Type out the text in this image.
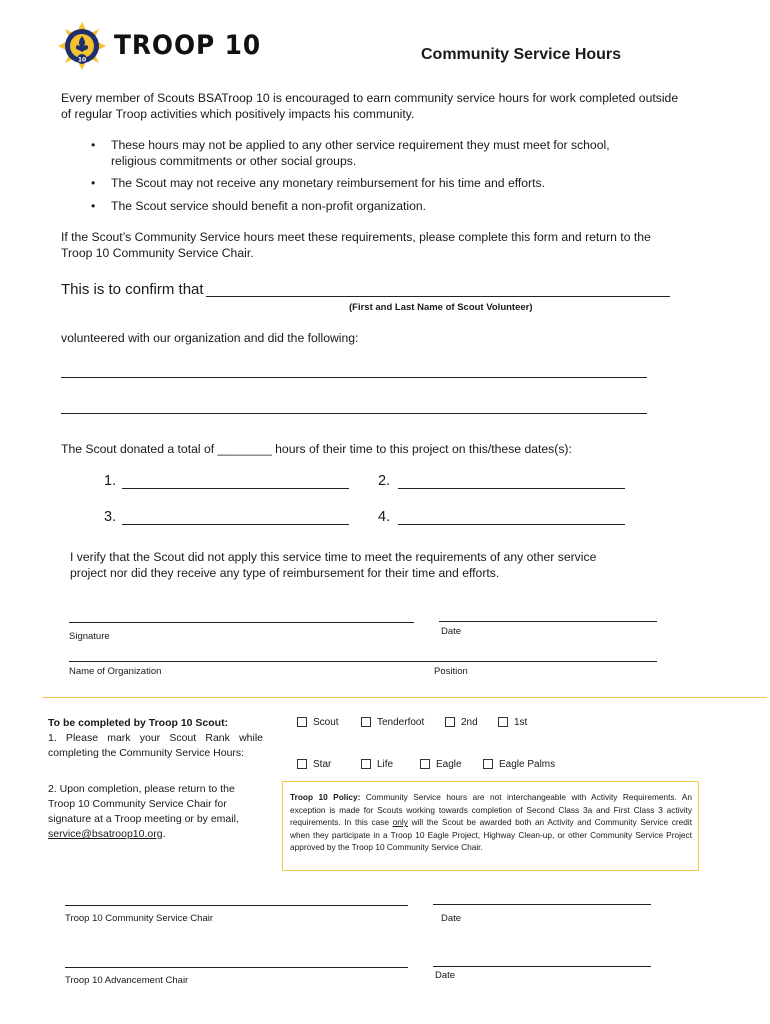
10 TROOP 10	Community Service Hours
Every member of Scouts BSATroop 10 is encouraged to earn community service hours for work completed outside
of regular Troop activities which positively impacts his community.
• These hours may not be applied to any other service requirement they must meet for school,
religious commitments or other social groups.
• The Scout may not receive any monetary reimbursement for his time and efforts.
• The Scout service should benefit a non-profit organization.
If the Scout’s Community Service hours meet these requirements, please complete this form and return to the
Troop 10 Community Service Chair.
This is to confirm that
(First and Last Name of Scout Volunteer)
volunteered with our organization and did the following:
The Scout donated a total of ________ hours of their time to this project on this/these dates(s):
1.	2.
3.	4.
I verify that the Scout did not apply this service time to meet the requirements of any other service
project nor did they receive any type of reimbursement for their time and efforts.
Signature	Date
Name of Organization	Position
To be completed by Troop 10 Scout:
1. Please mark your Scout Rank while
completing the Community Service Hours:
2. Upon completion, please return to the
Troop 10 Community Service Chair for
signature at a Troop meeting or by email,
service@bsatroop10.org.
Scout	Tenderfoot	2nd	1st
Star	Life	Eagle	Eagle Palms
Troop 10 Policy: Community Service hours are not interchangeable with Activity Requirements. An exception is made for Scouts working towards completion of Second Class 3a and First Class 3 activity requirements. In this case only will the Scout be awarded both an Activity and Community Service credit when they participate in a Troop 10 Eagle Project, Highway Clean-up, or other Community Service Project approved by the Troop 10 Community Service Chair.
Troop 10 Community Service Chair	Date
Troop 10 Advancement Chair	Date
